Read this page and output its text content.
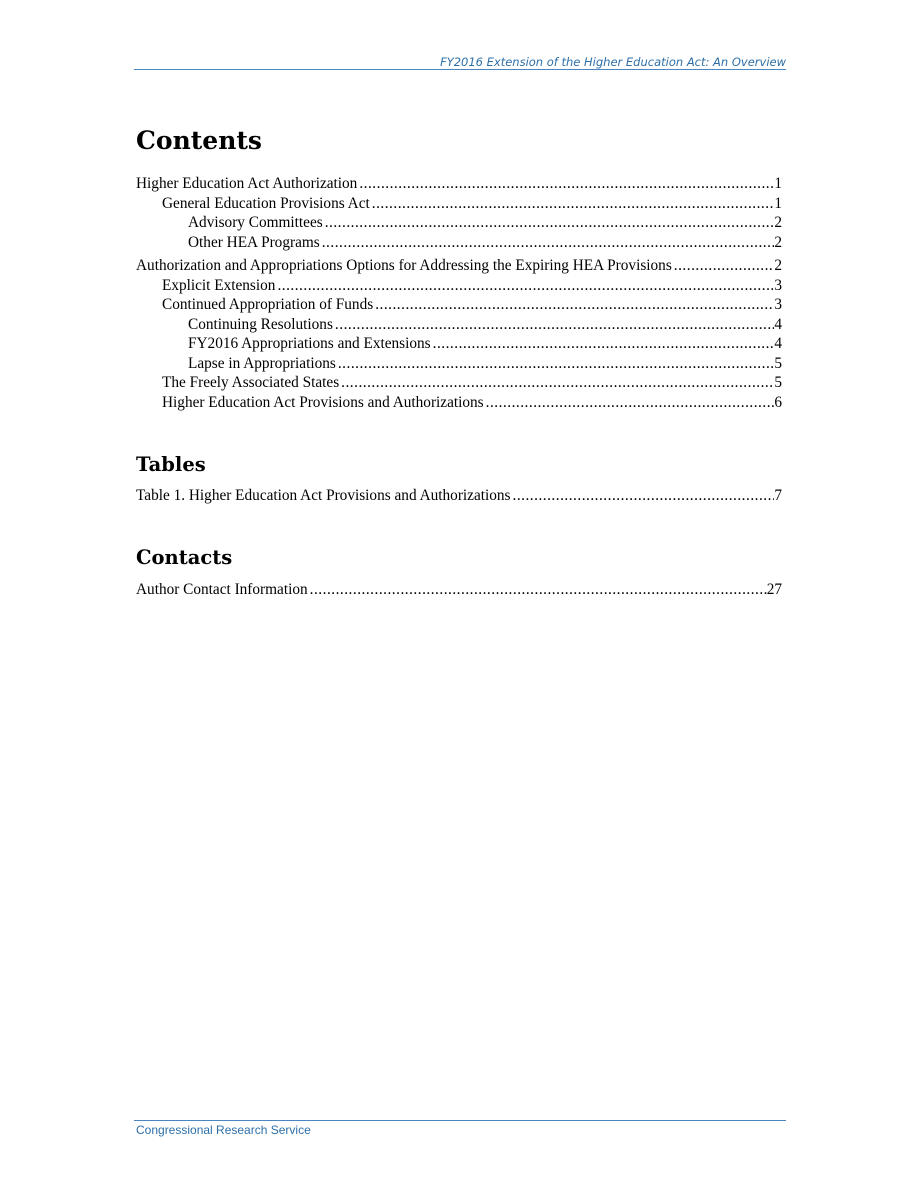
FY2016 Extension of the Higher Education Act: An Overview
Contents
Higher Education Act Authorization .....	1
General Education Provisions Act .....	1
Advisory Committees .....	2
Other HEA Programs .....	2
Authorization and Appropriations Options for Addressing the Expiring HEA Provisions .....	2
Explicit Extension .....	3
Continued Appropriation of Funds .....	3
Continuing Resolutions .....	4
FY2016 Appropriations and Extensions .....	4
Lapse in Appropriations .....	5
The Freely Associated States .....	5
Higher Education Act Provisions and Authorizations .....	6
Tables
Table 1. Higher Education Act Provisions and Authorizations .....	7
Contacts
Author Contact Information .....	27
Congressional Research Service
